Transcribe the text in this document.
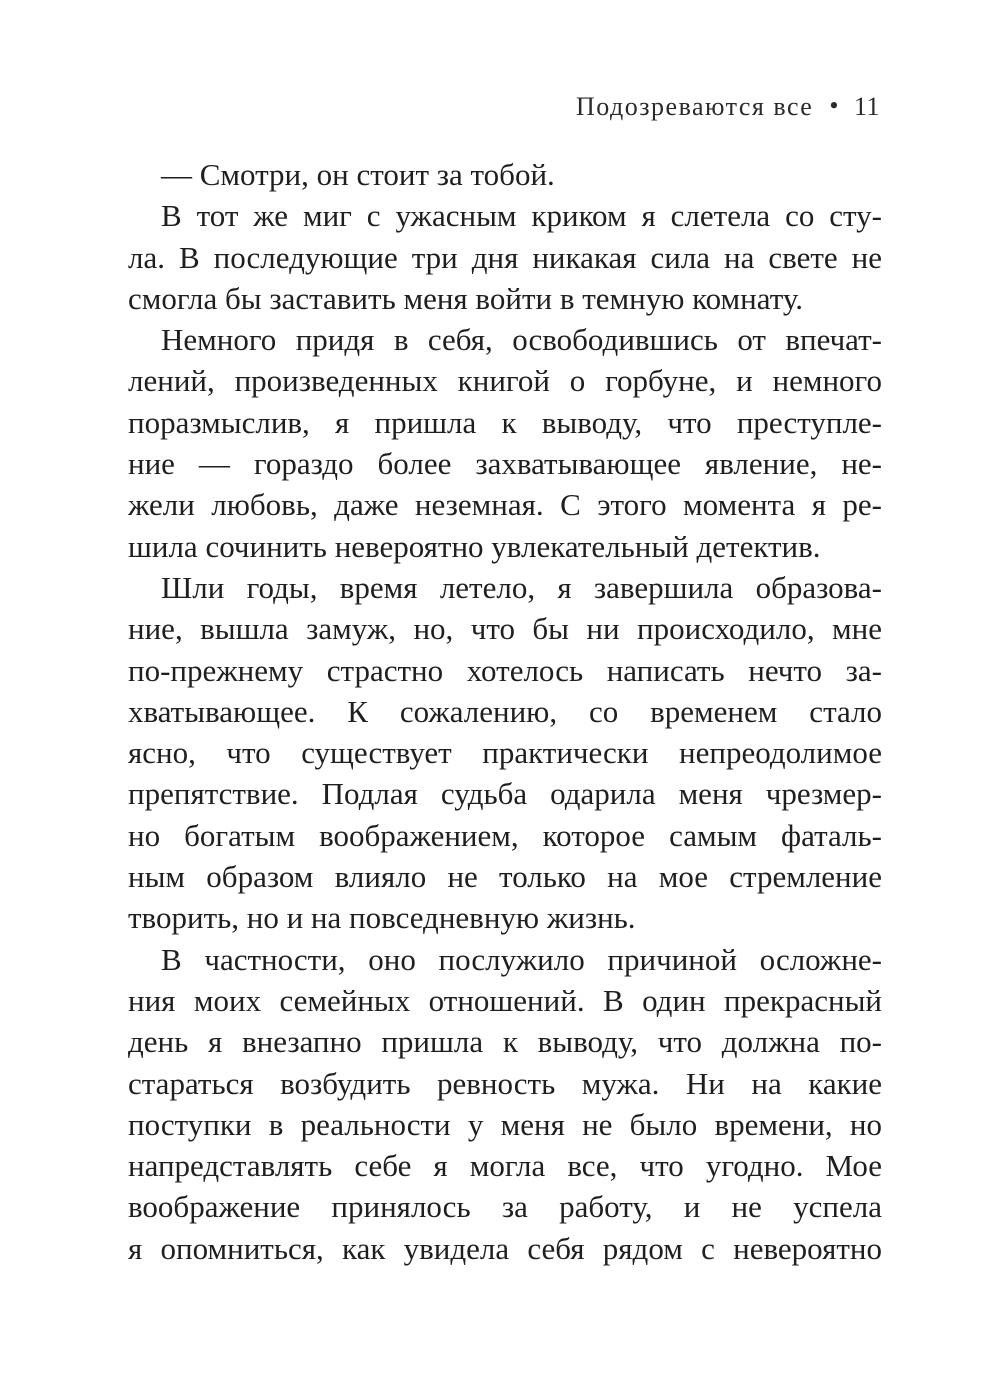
Подозреваются все • 11
— Смотри, он стоит за тобой.
В тот же миг с ужасным криком я слетела со сту-
ла. В последующие три дня никакая сила на свете не
смогла бы заставить меня войти в темную комнату.
Немного придя в себя, освободившись от впечат-
лений, произведенных книгой о горбуне, и немного
поразмыслив, я пришла к выводу, что преступле-
ние — гораздо более захватывающее явление, не-
жели любовь, даже неземная. С этого момента я ре-
шила сочинить невероятно увлекательный детектив.
Шли годы, время летело, я завершила образова-
ние, вышла замуж, но, что бы ни происходило, мне
по-прежнему страстно хотелось написать нечто за-
хватывающее. К сожалению, со временем стало
ясно, что существует практически непреодолимое
препятствие. Подлая судьба одарила меня чрезмер-
но богатым воображением, которое самым фаталь-
ным образом влияло не только на мое стремление
творить, но и на повседневную жизнь.
В частности, оно послужило причиной осложне-
ния моих семейных отношений. В один прекрасный
день я внезапно пришла к выводу, что должна по-
стараться возбудить ревность мужа. Ни на какие
поступки в реальности у меня не было времени, но
напредставлять себе я могла все, что угодно. Мое
воображение принялось за работу, и не успела
я опомниться, как увидела себя рядом с невероятно
